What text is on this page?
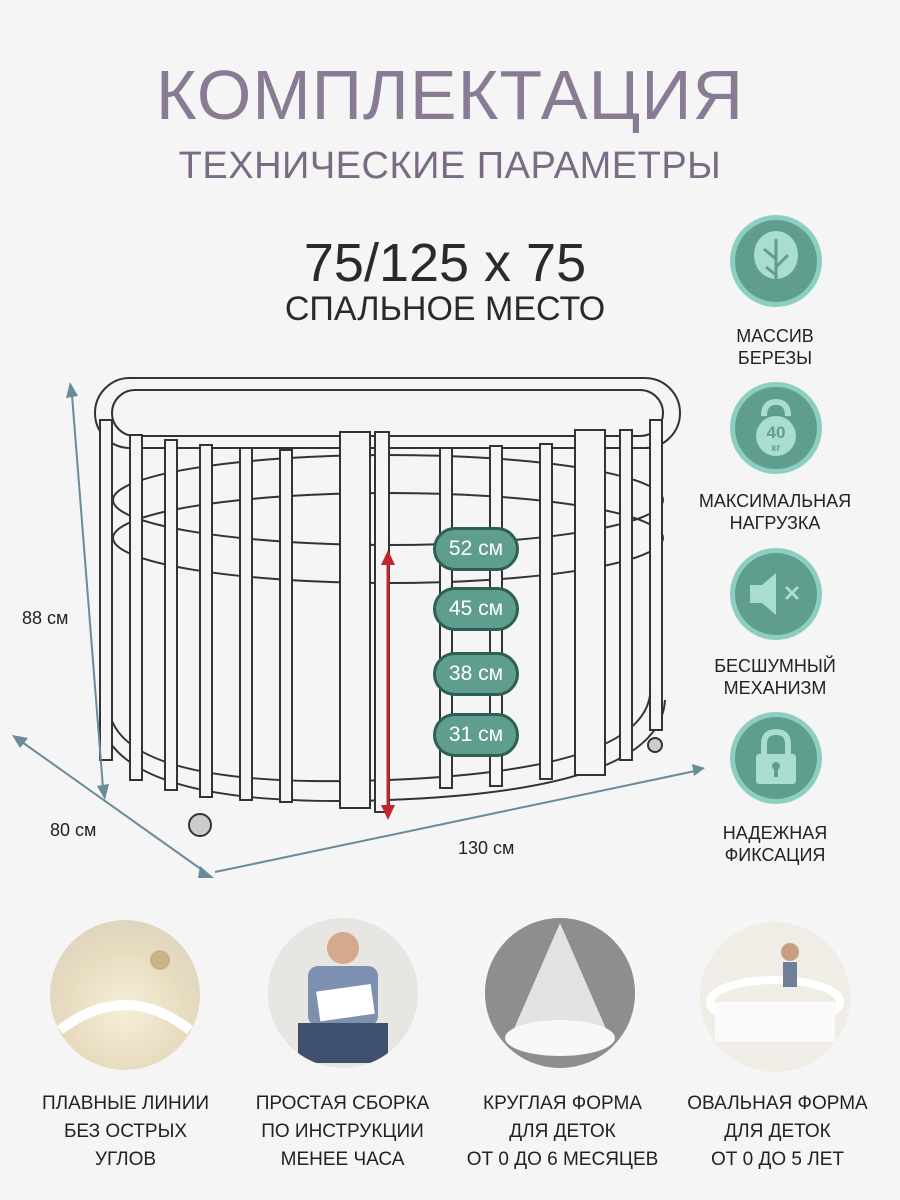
КОМПЛЕКТАЦИЯ
ТЕХНИЧЕСКИЕ ПАРАМЕТРЫ
75/125 x 75
СПАЛЬНОЕ МЕСТО
88 см
80 см
130 см
52 см
45 см
38 см
31 см
МАССИВ
БЕРЕЗЫ
40
кг
МАКСИМАЛЬНАЯ
НАГРУЗКА
БЕСШУМНЫЙ
МЕХАНИЗМ
НАДЕЖНАЯ
ФИКСАЦИЯ
ПЛАВНЫЕ ЛИНИИ
БЕЗ ОСТРЫХ
УГЛОВ
ПРОСТАЯ СБОРКА
ПО ИНСТРУКЦИИ
МЕНЕЕ ЧАСА
КРУГЛАЯ ФОРМА
ДЛЯ ДЕТОК
ОТ 0 ДО 6 МЕСЯЦЕВ
ОВАЛЬНАЯ ФОРМА
ДЛЯ ДЕТОК
ОТ 0 ДО 5 ЛЕТ
